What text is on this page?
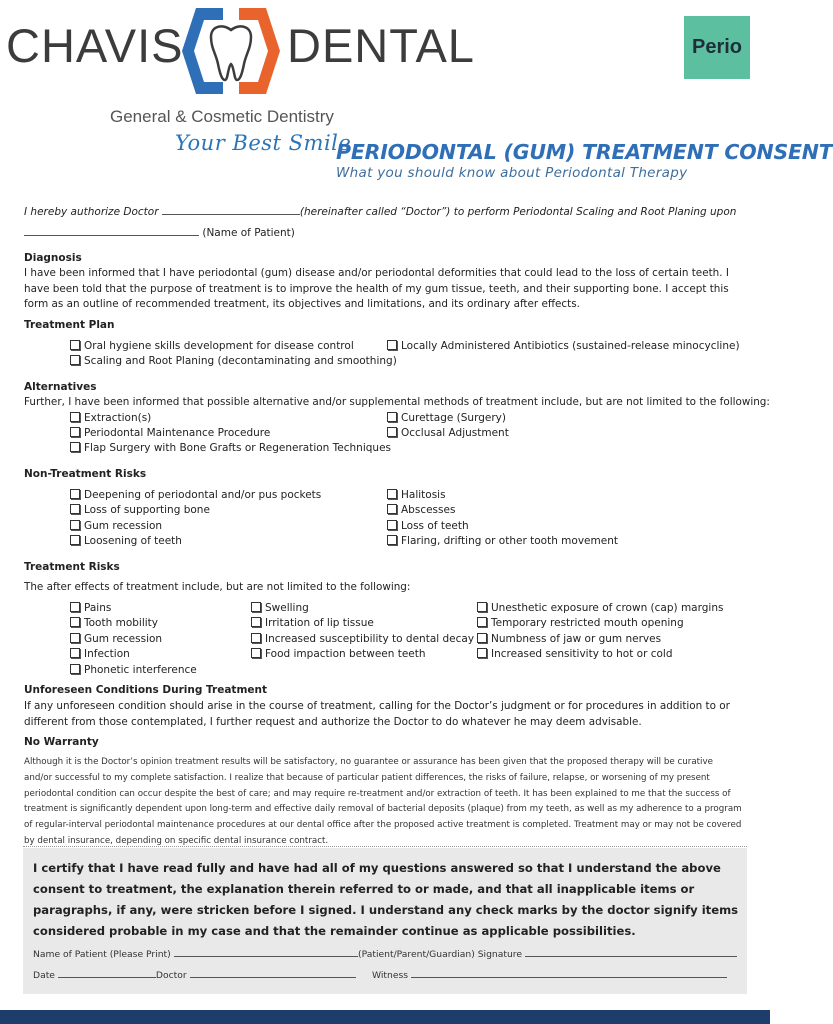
CHAVIS DENTAL
General & Cosmetic Dentistry
Your Best Smile
Perio
PERIODONTAL (GUM) TREATMENT CONSENT
What you should know about Periodontal Therapy
I hereby authorize Doctor	(hereinafter called “Doctor”) to perform Periodontal Scaling and Root Planing upon
(Name of Patient)
Diagnosis
I have been informed that I have periodontal (gum) disease and/or periodontal deformities that could lead to the loss of certain teeth. I have been told that the purpose of treatment is to improve the health of my gum tissue, teeth, and their supporting bone. I accept this form as an outline of recommended treatment, its objectives and limitations, and its ordinary after effects.
Treatment Plan
Oral hygiene skills development for disease control
Scaling and Root Planing (decontaminating and smoothing)
Locally Administered Antibiotics (sustained-release minocycline)
Alternatives
Further, I have been informed that possible alternative and/or supplemental methods of treatment include, but are not limited to the following:
Extraction(s)
Periodontal Maintenance Procedure
Flap Surgery with Bone Grafts or Regeneration Techniques
Curettage (Surgery)
Occlusal Adjustment
Non-Treatment Risks
Deepening of periodontal and/or pus pockets
Loss of supporting bone
Gum recession
Loosening of teeth
Halitosis
Abscesses
Loss of teeth
Flaring, drifting or other tooth movement
Treatment Risks
The after effects of treatment include, but are not limited to the following:
Pains
Tooth mobility
Gum recession
Infection
Phonetic interference
Swelling
Irritation of lip tissue
Increased susceptibility to dental decay
Food impaction between teeth
Unesthetic exposure of crown (cap) margins
Temporary restricted mouth opening
Numbness of jaw or gum nerves
Increased sensitivity to hot or cold
Unforeseen Conditions During Treatment
If any unforeseen condition should arise in the course of treatment, calling for the Doctor’s judgment or for procedures in addition to or different from those contemplated, I further request and authorize the Doctor to do whatever he may deem advisable.
No Warranty
Although it is the Doctor’s opinion treatment results will be satisfactory, no guarantee or assurance has been given that the proposed therapy will be curative and/or successful to my complete satisfaction. I realize that because of particular patient differences, the risks of failure, relapse, or worsening of my present periodontal condition can occur despite the best of care; and may require re-treatment and/or extraction of teeth. It has been explained to me that the success of treatment is significantly dependent upon long-term and effective daily removal of bacterial deposits (plaque) from my teeth, as well as my adherence to a program of regular-interval periodontal maintenance procedures at our dental office after the proposed active treatment is completed. Treatment may or may not be covered by dental insurance, depending on specific dental insurance contract.
I certify that I have read fully and have had all of my questions answered so that I understand the above consent to treatment, the explanation therein referred to or made, and that all inapplicable items or paragraphs, if any, were stricken before I signed. I understand any check marks by the doctor signify items considered probable in my case and that the remainder continue as applicable possibilities.
Name of Patient (Please Print)	(Patient/Parent/Guardian) Signature
Date	Doctor	Witness
